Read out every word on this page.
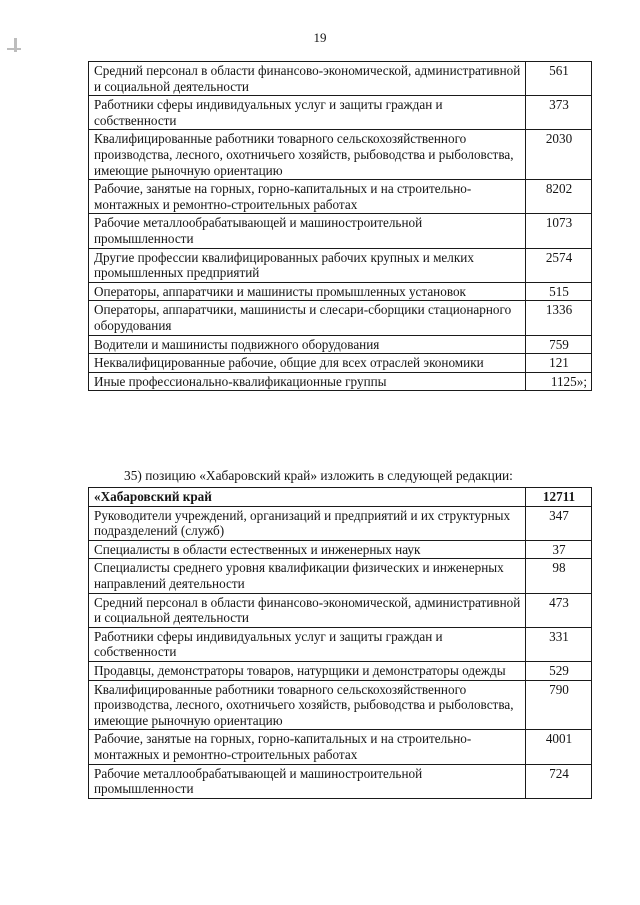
19
Средний персонал в области финансово-экономической, административной и социальной деятельности	561
Работники сферы индивидуальных услуг и защиты граждан и собственности	373
Квалифицированные работники товарного сельскохозяйственного производства, лесного, охотничьего хозяйств, рыбоводства и рыболовства, имеющие рыночную ориентацию	2030
Рабочие, занятые на горных, горно-капитальных и на строительно-монтажных и ремонтно-строительных работах	8202
Рабочие металлообрабатывающей и машиностроительной промышленности	1073
Другие профессии квалифицированных рабочих крупных и мелких промышленных предприятий	2574
Операторы, аппаратчики и машинисты промышленных установок	515
Операторы, аппаратчики, машинисты и слесари-сборщики стационарного оборудования	1336
Водители и машинисты подвижного оборудования	759
Неквалифицированные рабочие, общие для всех отраслей экономики	121
Иные профессионально-квалификационные группы	1125»;
35) позицию «Хабаровский край» изложить в следующей редакции:
«Хабаровский край	12711
Руководители учреждений, организаций и предприятий и их структурных подразделений (служб)	347
Специалисты в области естественных и инженерных наук	37
Специалисты среднего уровня квалификации физических и инженерных направлений деятельности	98
Средний персонал в области финансово-экономической, административной и социальной деятельности	473
Работники сферы индивидуальных услуг и защиты граждан и собственности	331
Продавцы, демонстраторы товаров, натурщики и демонстраторы одежды	529
Квалифицированные работники товарного сельскохозяйственного производства, лесного, охотничьего хозяйств, рыбоводства и рыболовства, имеющие рыночную ориентацию	790
Рабочие, занятые на горных, горно-капитальных и на строительно-монтажных и ремонтно-строительных работах	4001
Рабочие металлообрабатывающей и машиностроительной промышленности	724
